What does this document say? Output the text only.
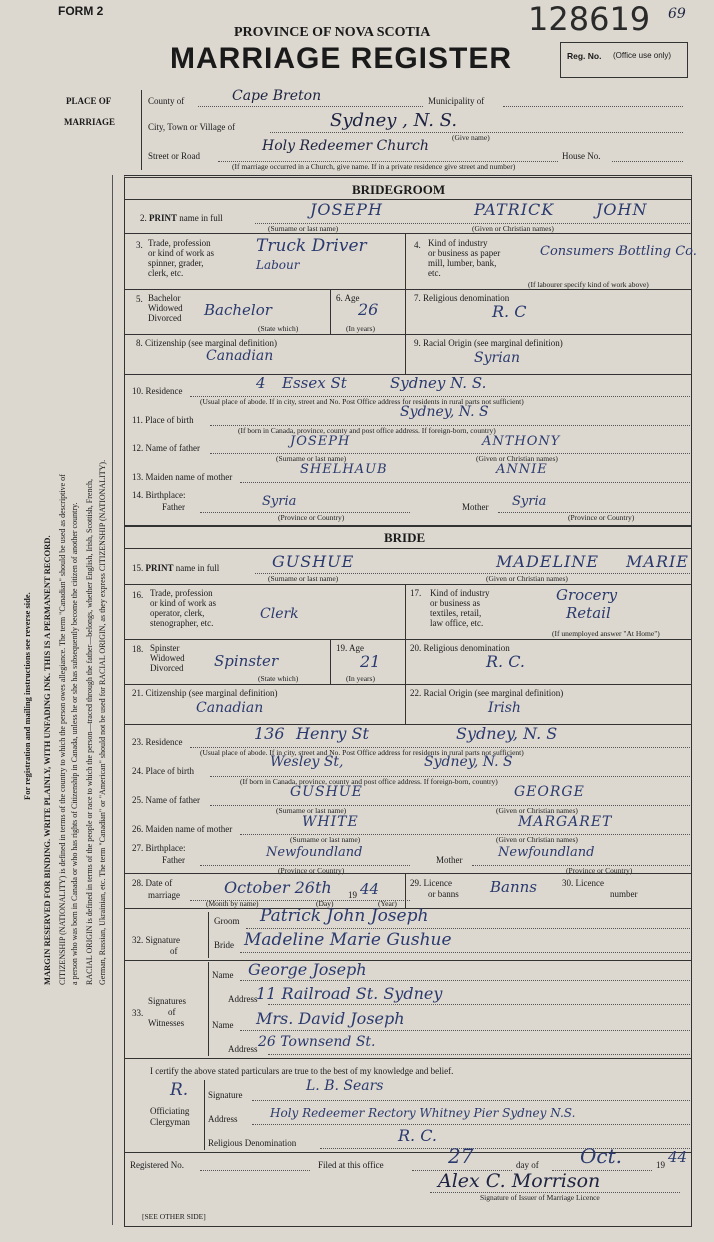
For registration and mailing instructions see reverse side. MARGIN RESERVED FOR BINDING. WRITE PLAINLY, WITH UNFADING INK. THIS IS A PERMANENT RECORD. CITIZENSHIP (NATIONALITY) is defined in terms of the country to which the person owes allegiance. The term "Canadian" should be used as descriptive of a person who was born in Canada or who has rights of Citizenship in Canada, unless he or she has subsequently become the citizen of another country. RACIAL ORIGIN is defined in terms of the people or race to which the person—traced through the father—belongs, whether English, Irish, Scottish, French, German, Russian, Ukrainian, etc. The term "Canadian" or "American" should not be used for RACIAL ORIGIN, as they express CITIZENSHIP (NATIONALITY).
FORM 2
PROVINCE OF NOVA SCOTIA
MARRIAGE REGISTER
128619 69
Reg. No. (Office use only)
PLACE OF
MARRIAGE
County of	Cape Breton	Municipality of
City, Town or Village of	Sydney , N. S.
(Give name)
Street or Road
Holy Redeemer Church
House No.
(If marriage occurred in a Church, give name. If in a private residence give street and number)
BRIDEGROOM
2. PRINT name in full	JOSEPH	PATRICK	JOHN
(Surname or last name)	(Given or Christian names)
3. Trade, profession
or kind of work as
spinner, grader,
clerk, etc.
Truck Driver
Labour
4. Kind of industry
or business as paper
mill, lumber, bank,
etc.
Consumers Bottling Co.
(If labourer specify kind of work above)
5. Bachelor
Widowed
Divorced Bachelor
(State which)
6. Age
26
(In years)
7. Religious denomination
R. C
8. Citizenship (see marginal definition)
Canadian
9. Racial Origin (see marginal definition)
Syrian
10. Residence	4 Essex St	Sydney N. S.
(Usual place of abode. If in city, street and No. Post Office address for residents in rural parts not sufficient)
11. Place of birth	Sydney, N. S
(If born in Canada, province, county and post office address. If foreign-born, country)
12. Name of father	JOSEPH	ANTHONY
(Surname or last name)	(Given or Christian names)
13. Maiden name of mother	SHELHAUB	ANNIE
14. Birthplace:
Father	Syria	Mother Syria
(Province or Country)	(Province or Country)
BRIDE
15. PRINT name in full	GUSHUE	MADELINE MARIE
(Surname or last name)	(Given or Christian names)
16. Trade, profession
or kind of work as
operator, clerk,
stenographer, etc.
Clerk
17. Kind of industry
or business as
textiles, retail,
law office, etc.
Grocery
Retail
(If unemployed answer "At Home")
18. Spinster
Widowed
Divorced Spinster
(State which)
19. Age
21
(In years)
20. Religious denomination
R. C.
21. Citizenship (see marginal definition)
Canadian
22. Racial Origin (see marginal definition)
Irish
23. Residence	136 Henry St	Sydney, N. S
(Usual place of abode. If in city, street and No. Post Office address for residents in rural parts not sufficient)
24. Place of birth
Wesley St,	Sydney, N. S
(If born in Canada, province, county and post office address. If foreign-born, country)
25. Name of father	GUSHUE	GEORGE
(Surname or last name)	(Given or Christian names)
26. Maiden name of mother	WHITE	MARGARET
(Surname or last name)	(Given or Christian names)
27. Birthplace:
Father	Newfoundland	Mother	Newfoundland
(Province or Country)	(Province or Country)
28. Date of
marriage	October 26th 19 44
(Month by name)	(Day)	(Year)
29. Licence
or banns Banns	30. Licence
number
32. Signature
of
Groom Patrick John Joseph
Bride Madeline Marie Gushue
Signatures
of
Witnesses
33.
Name George Joseph
Address
11 Railroad St. Sydney
Name Mrs. David Joseph
Address 26 Townsend St.
I certify the above stated particulars are true to the best of my knowledge and belief.
R.
Officiating
Clergyman
Signature
L. B. Sears
Address	Holy Redeemer Rectory Whitney Pier Sydney N.S.
Religious Denomination	R. C.
Registered No.	Filed at this office	27	day of Oct.	19 44
Alex C. Morrison
Signature of Issuer of Marriage Licence
[SEE OTHER SIDE]
